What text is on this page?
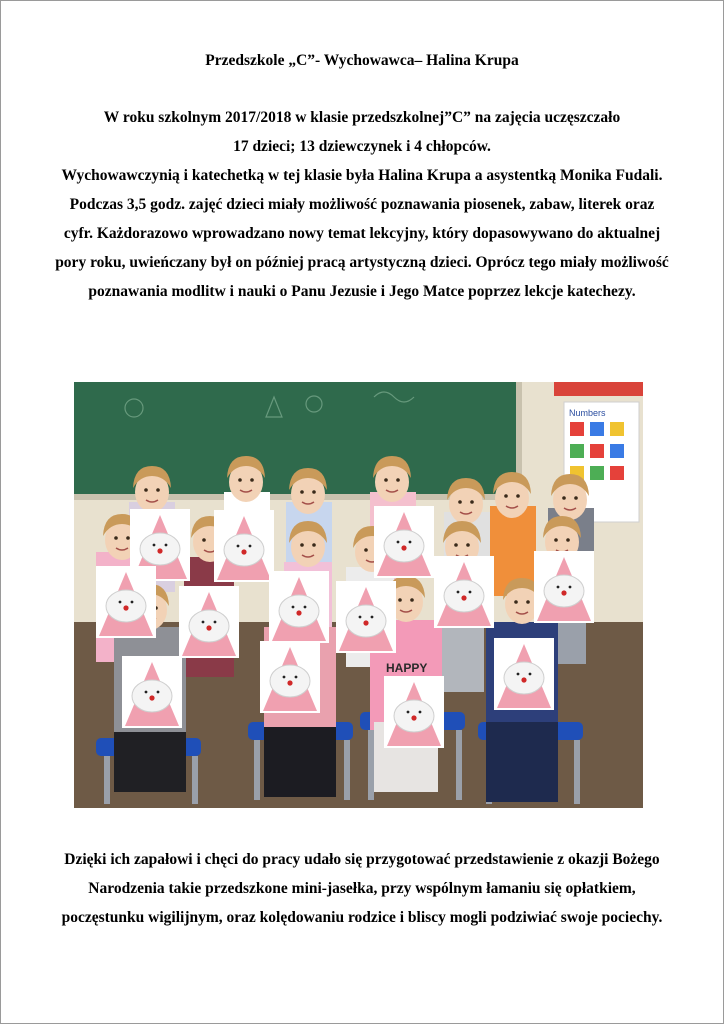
Przedszkole „C”- Wychowawca– Halina Krupa

W roku szkolnym 2017/2018 w klasie przedszkolnej”C” na zajęcia uczęszczało

17 dzieci; 13 dziewczynek i 4 chłopców.

Wychowawczynią i katechetką w tej klasie była Halina Krupa a asystentką Monika Fudali.

Podczas 3,5 godz. zajęć dzieci miały możliwość poznawania piosenek, zabaw, literek oraz

cyfr. Każdorazowo wprowadzano nowy temat lekcyjny, który dopasowywano do aktualnej

pory roku, uwieńczany był on później pracą artystyczną dzieci. Oprócz tego miały możliwość

poznawania modlitw i nauki o Panu Jezusie i Jego Matce poprzez lekcje katechezy.

Numbers
HAPPY

Dzięki ich zapałowi i chęci do pracy udało się przygotować przedstawienie z okazji Bożego

Narodzenia takie przedszkone mini-jasełka, przy wspólnym łamaniu się opłatkiem,

poczęstunku wigilijnym, oraz kolędowaniu rodzice i bliscy mogli podziwiać swoje pociechy.
